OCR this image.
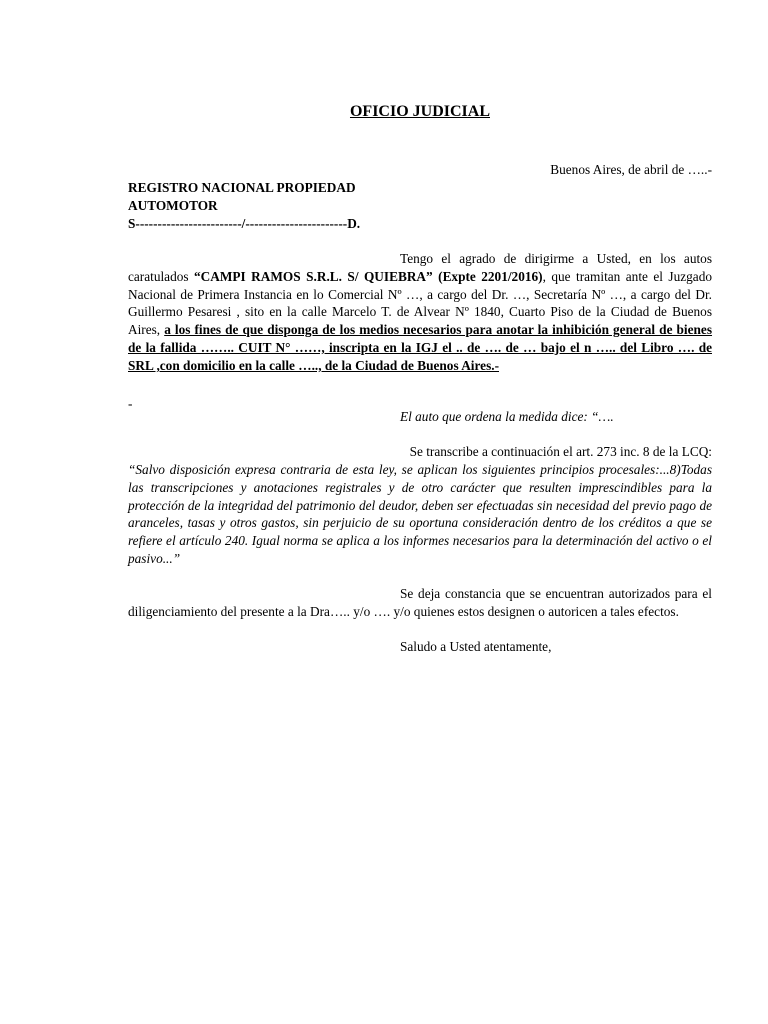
OFICIO JUDICIAL
Buenos Aires, de abril de …..-

REGISTRO NACIONAL PROPIEDAD

AUTOMOTOR

S------------------------/-----------------------D.

Tengo el agrado de dirigirme a Usted, en los autos caratulados “CAMPI RAMOS S.R.L. S/ QUIEBRA” (Expte 2201/2016), que tramitan ante el Juzgado Nacional de Primera Instancia en lo Comercial Nº …, a cargo del Dr. …, Secretaría Nº …, a cargo del Dr. Guillermo Pesaresi , sito en la calle Marcelo T. de Alvear Nº 1840, Cuarto Piso de la Ciudad de Buenos Aires, a los fines de que disponga de los medios necesarios para anotar la inhibición general de bienes de la fallida …….. CUIT N° ……, inscripta en la IGJ el .. de …. de … bajo el n ….. del Libro …. de SRL ,con domicilio en la calle ….., de la Ciudad de Buenos Aires.-

-
El auto que ordena la medida dice: “….
Se transcribe a continuación el art. 273 inc. 8 de la LCQ:

“Salvo disposición expresa contraria de esta ley, se aplican los siguientes principios procesales:...8)Todas las transcripciones y anotaciones registrales y de otro carácter que resulten imprescindibles para la protección de la integridad del patrimonio del deudor, deben ser efectuadas sin necesidad del previo pago de aranceles, tasas y otros gastos, sin perjuicio de su oportuna consideración dentro de los créditos a que se refiere el artículo 240. Igual norma se aplica a los informes necesarios para la determinación del activo o el pasivo...”

Se deja constancia que se encuentran autorizados para el diligenciamiento del presente a la Dra….. y/o …. y/o quienes estos designen o autoricen a tales efectos.

Saludo a Usted atentamente,
